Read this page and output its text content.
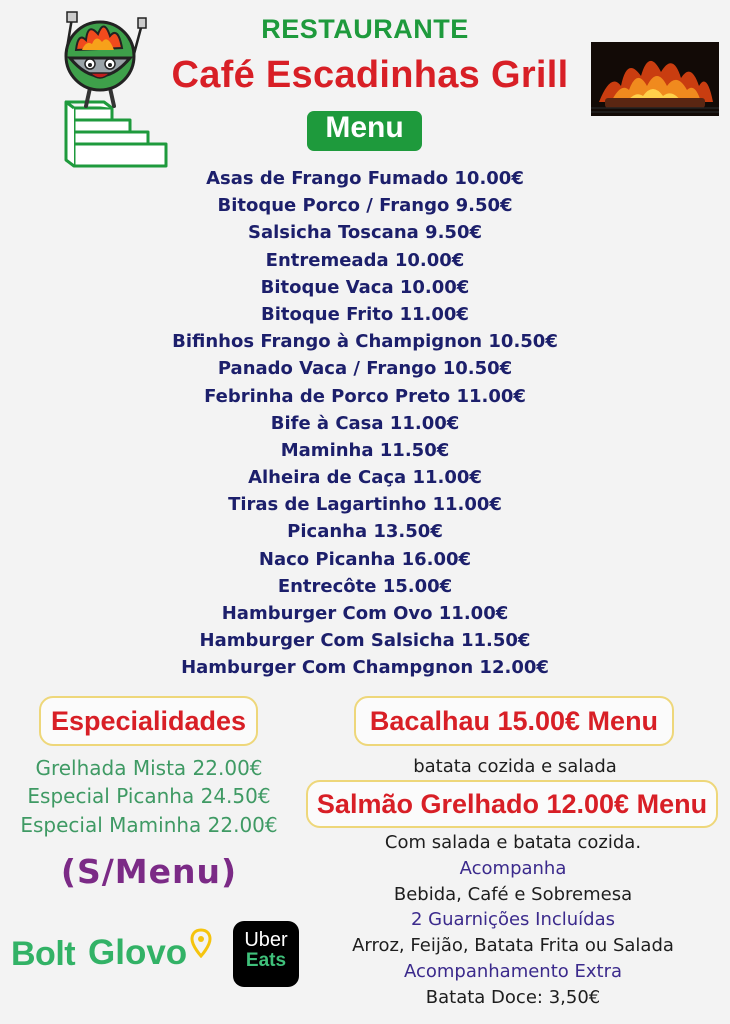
RESTAURANTE
Café Escadinhas Grill
Menu
Asas de Frango Fumado 10.00€
Bitoque Porco / Frango 9.50€
Salsicha Toscana 9.50€
Entremeada 10.00€
Bitoque Vaca 10.00€
Bitoque Frito 11.00€
Bifinhos Frango à Champignon 10.50€
Panado Vaca / Frango 10.50€
Febrinha de Porco Preto 11.00€
Bife à Casa 11.00€
Maminha 11.50€
Alheira de Caça 11.00€
Tiras de Lagartinho 11.00€
Picanha 13.50€
Naco Picanha 16.00€
Entrecôte 15.00€
Hamburger Com Ovo 11.00€
Hamburger Com Salsicha 11.50€
Hamburger Com Champgnon 12.00€
Especialidades
Grelhada Mista 22.00€
Especial Picanha 24.50€
Especial Maminha 22.00€
(S/Menu)
Bacalhau 15.00€ Menu
batata cozida e salada
Salmão Grelhado 12.00€ Menu
Com salada e batata cozida.
Acompanha
Bebida, Café e Sobremesa
2 Guarnições Incluídas
Arroz, Feijão, Batata Frita ou Salada
Acompanhamento Extra
Batata Doce: 3,50€
Bolt Glovo	Uber
Eats
